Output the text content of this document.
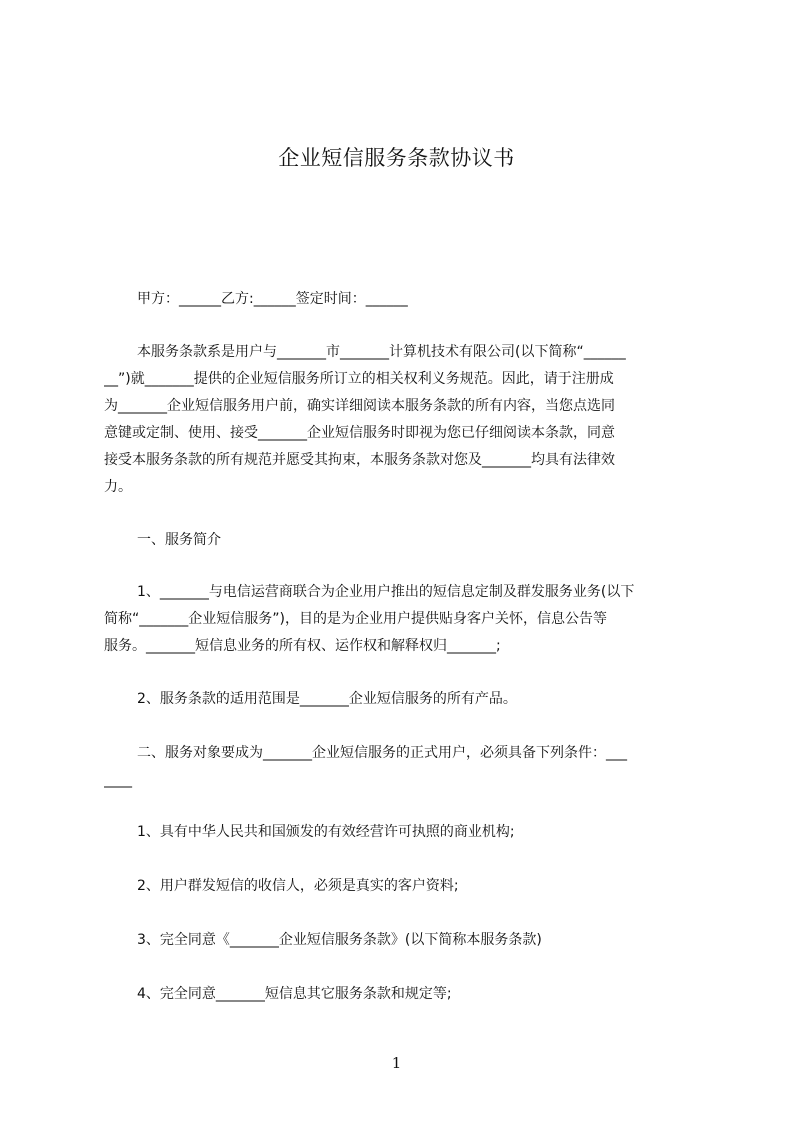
企业短信服务条款协议书
甲方：______乙方:______签定时间：______
本服务条款系是用户与_______市_______计算机技术有限公司(以下简称“______
__”)就_______提供的企业短信服务所订立的相关权利义务规范。因此，请于注册成
为_______企业短信服务用户前，确实详细阅读本服务条款的所有内容，当您点选同
意键或定制、使用、接受_______企业短信服务时即视为您已仔细阅读本条款，同意
接受本服务条款的所有规范并愿受其拘束，本服务条款对您及_______均具有法律效
力。
一、服务简介
1、_______与电信运营商联合为企业用户推出的短信息定制及群发服务业务(以下
简称“_______企业短信服务”)，目的是为企业用户提供贴身客户关怀，信息公告等
服务。_______短信息业务的所有权、运作权和解释权归_______;
2、服务条款的适用范围是_______企业短信服务的所有产品。
二、服务对象要成为_______企业短信服务的正式用户，必须具备下列条件：___
____
1、具有中华人民共和国颁发的有效经营许可执照的商业机构;
2、用户群发短信的收信人，必须是真实的客户资料;
3、完全同意《_______企业短信服务条款》(以下简称本服务条款)
4、完全同意_______短信息其它服务条款和规定等;
1
